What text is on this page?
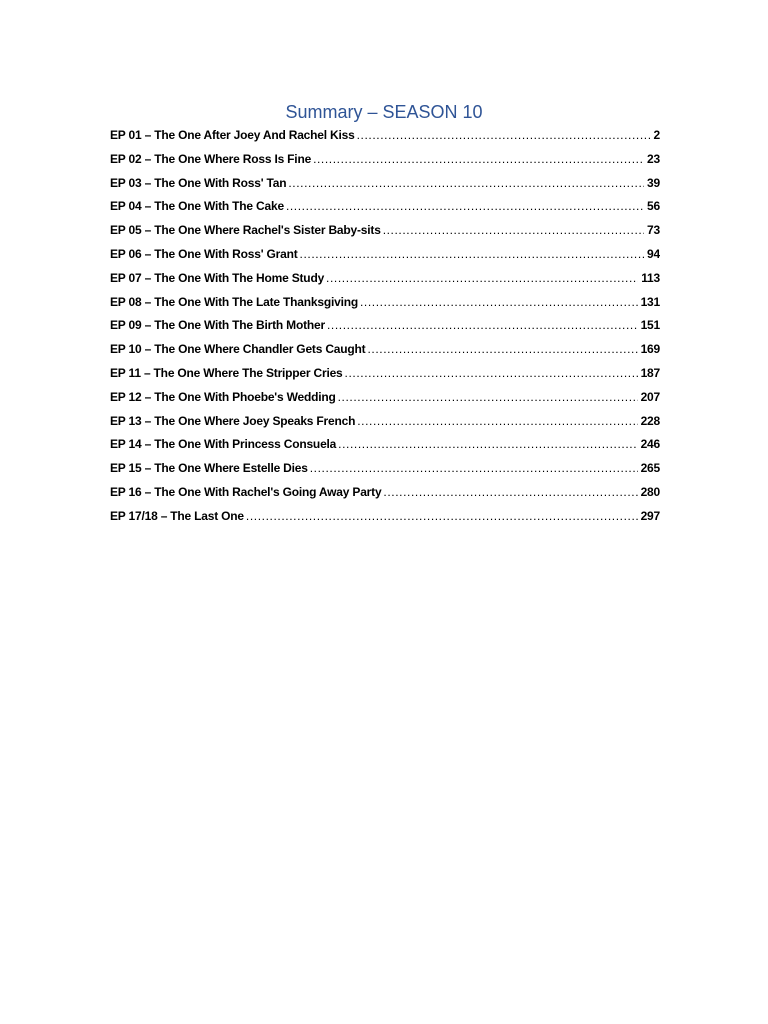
Summary – SEASON 10
EP 01 – The One After Joey And Rachel Kiss .....	2
EP 02 – The One Where Ross Is Fine .....	23
EP 03 – The One With Ross' Tan .....	39
EP 04 – The One With The Cake .....	56
EP 05 – The One Where Rachel's Sister Baby-sits .....	73
EP 06 – The One With Ross' Grant .....	94
EP 07 – The One With The Home Study .....	113
EP 08 – The One With The Late Thanksgiving .....	131
EP 09 – The One With The Birth Mother .....	151
EP 10 – The One Where Chandler Gets Caught .....	169
EP 11 – The One Where The Stripper Cries .....	187
EP 12 – The One With Phoebe's Wedding .....	207
EP 13 – The One Where Joey Speaks French .....	228
EP 14 – The One With Princess Consuela .....	246
EP 15 – The One Where Estelle Dies .....	265
EP 16 – The One With Rachel's Going Away Party .....	280
EP 17/18 – The Last One .....	297
